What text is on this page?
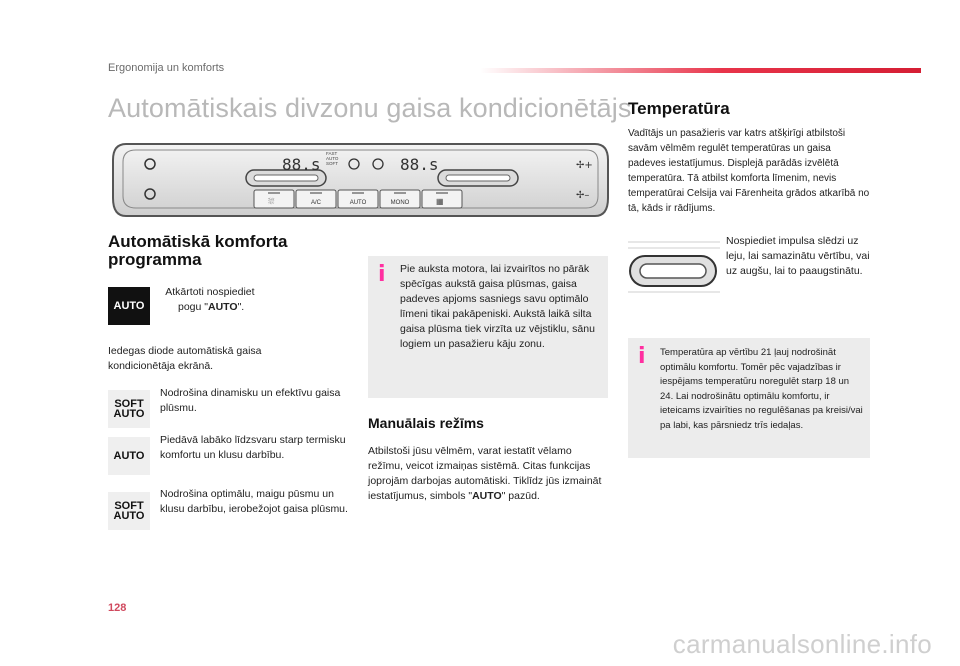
Ergonomija un komforts
Automātiskais divzonu gaisa kondicionētājs
✢+
✢–
88.s	88.s
FAST
AUTO
SOFT
⛆	A/C	AUTO	MONO	▦
Automātiskā komforta
programma
AUTO
Atkārtoti nospiediet
pogu "AUTO".
Iedegas diode automātiskā gaisa kondicionētāja ekrānā.
SOFT
AUTO
Nodrošina dinamisku un efektīvu gaisa plūsmu.
AUTO
Piedāvā labāko līdzsvaru starp termisku komfortu un klusu darbību.
SOFT
AUTO
Nodrošina optimālu, maigu pūsmu un klusu darbību, ierobežojot gaisa plūsmu.
i Pie auksta motora, lai izvairītos no pārāk spēcīgas aukstā gaisa plūsmas, gaisa padeves apjoms sasniegs savu optimālo līmeni tikai pakāpeniski. Aukstā laikā silta gaisa plūsma tiek virzīta uz vējstiklu, sānu logiem un pasažieru kāju zonu.
Manuālais režīms
Atbilstoši jūsu vēlmēm, varat iestatīt vēlamo režīmu, veicot izmaiņas sistēmā. Citas funkcijas joprojām darbojas automātiski. Tiklīdz jūs izmaināt iestatījumus, simbols "AUTO" pazūd.
Temperatūra
Vadītājs un pasažieris var katrs atšķirīgi atbilstoši savām vēlmēm regulēt temperatūras un gaisa padeves iestatījumus. Displejā parādās izvēlētā temperatūra. Tā atbilst komforta līmenim, nevis temperatūrai Celsija vai Fārenheita grādos atkarībā no tā, kāds ir rādījums.
Nospiediet impulsa slēdzi uz leju, lai samazinātu vērtību, vai uz augšu, lai to paaugstinātu.
i Temperatūra ap vērtību 21 ļauj nodrošināt optimālu komfortu. Tomēr pēc vajadzības ir iespējams temperatūru noregulēt starp 18 un 24. Lai nodrošinātu optimālu komfortu, ir ieteicams izvairīties no regulēšanas pa kreisi/vai pa labi, kas pārsniedz trīs iedaļas.
128
carmanualsonline.info
